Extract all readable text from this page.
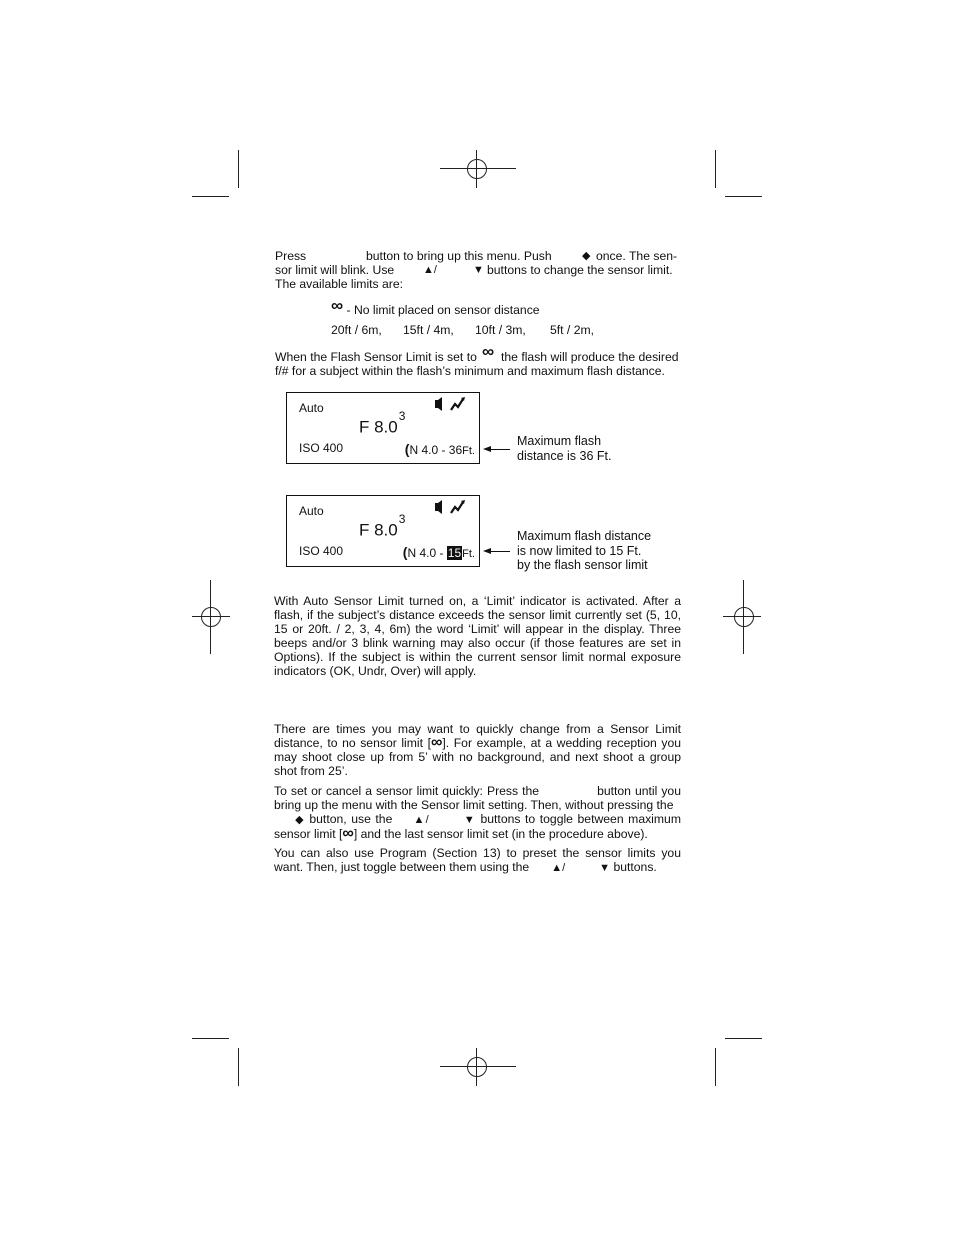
Press	button to bring up this menu. Push	◆ once. The sen-
sor limit will blink. Use	▲/	▼ buttons to change the sensor limit.
The available limits are:
∞ - No limit placed on sensor distance
20ft / 6m, 15ft / 4m, 10ft / 3m, 5ft / 2m,
When the Flash Sensor Limit is set to ∞ the flash will produce the desired
f/# for a subject within the flash’s minimum and maximum flash distance.
Auto
F $8.0^3$
ISO 400	(N 4.0 - 36Ft.
Maximum flash
distance is 36 Ft.
Auto
F $8.0^3$
ISO 400	(N 4.0 - 15Ft.
Maximum flash distance
is now limited to 15 Ft.
by the flash sensor limit
With Auto Sensor Limit turned on, a ‘Limit’ indicator is activated. After a flash, if the subject’s distance exceeds the sensor limit currently set (5, 10, 15 or 20ft. / 2, 3, 4, 6m) the word ‘Limit’ will appear in the display. Three beeps and/or 3 blink warning may also occur (if those features are set in Options). If the subject is within the current sensor limit normal exposure indicators (OK, Undr, Over) will apply.
There are times you may want to quickly change from a Sensor Limit distance, to no sensor limit [∞]. For example, at a wedding reception you may shoot close up from 5’ with no background, and next shoot a group shot from 25’.
To set or cancel a sensor limit quickly: Press the	button until you bring up the menu with the Sensor limit setting. Then, without pressing the
◆ button, use the ▲/	▼ buttons to toggle between maximum sensor limit [∞] and the last sensor limit set (in the procedure above).
You can also use Program (Section 13) to preset the sensor limits you want. Then, just toggle between them using the ▲/	▼ buttons.
